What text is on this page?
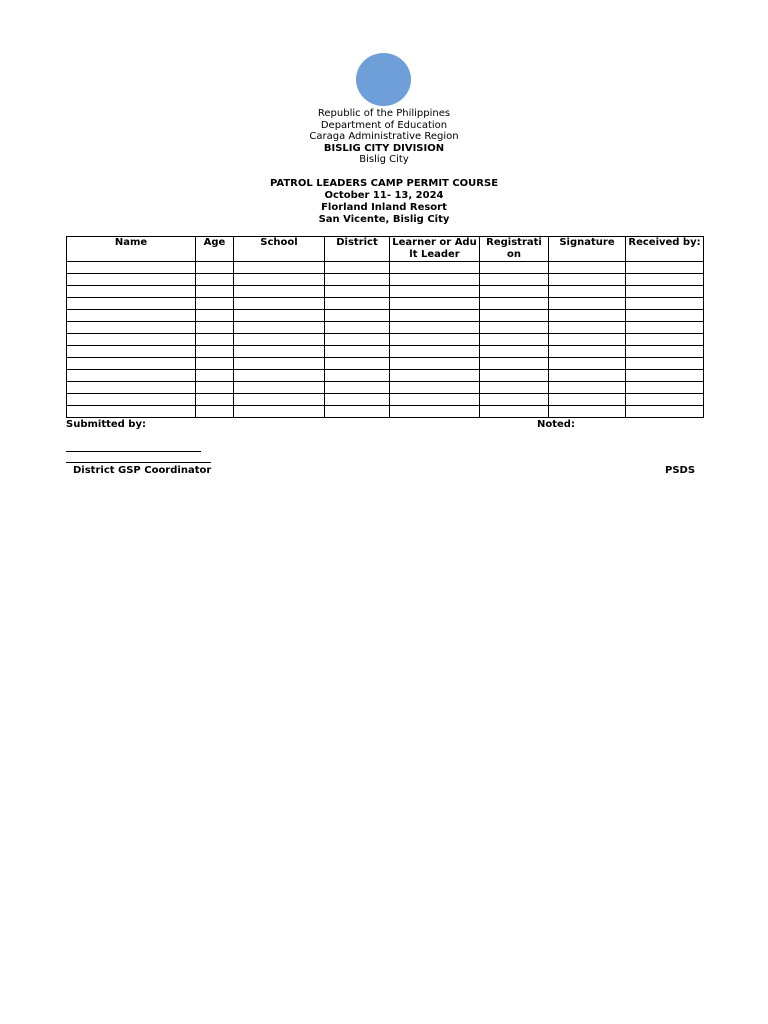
Republic of the Philippines
Department of Education
Caraga Administrative Region
BISLIG CITY DIVISION
Bislig City
PATROL LEADERS CAMP PERMIT COURSE
October 11- 13, 2024
Florland Inland Resort
San Vicente, Bislig City
Name	Age	School	District	Learner or Adult Leader	Registrati on	Signature	Received by:

Submitted by:	Noted:
District GSP Coordinator	PSDS
